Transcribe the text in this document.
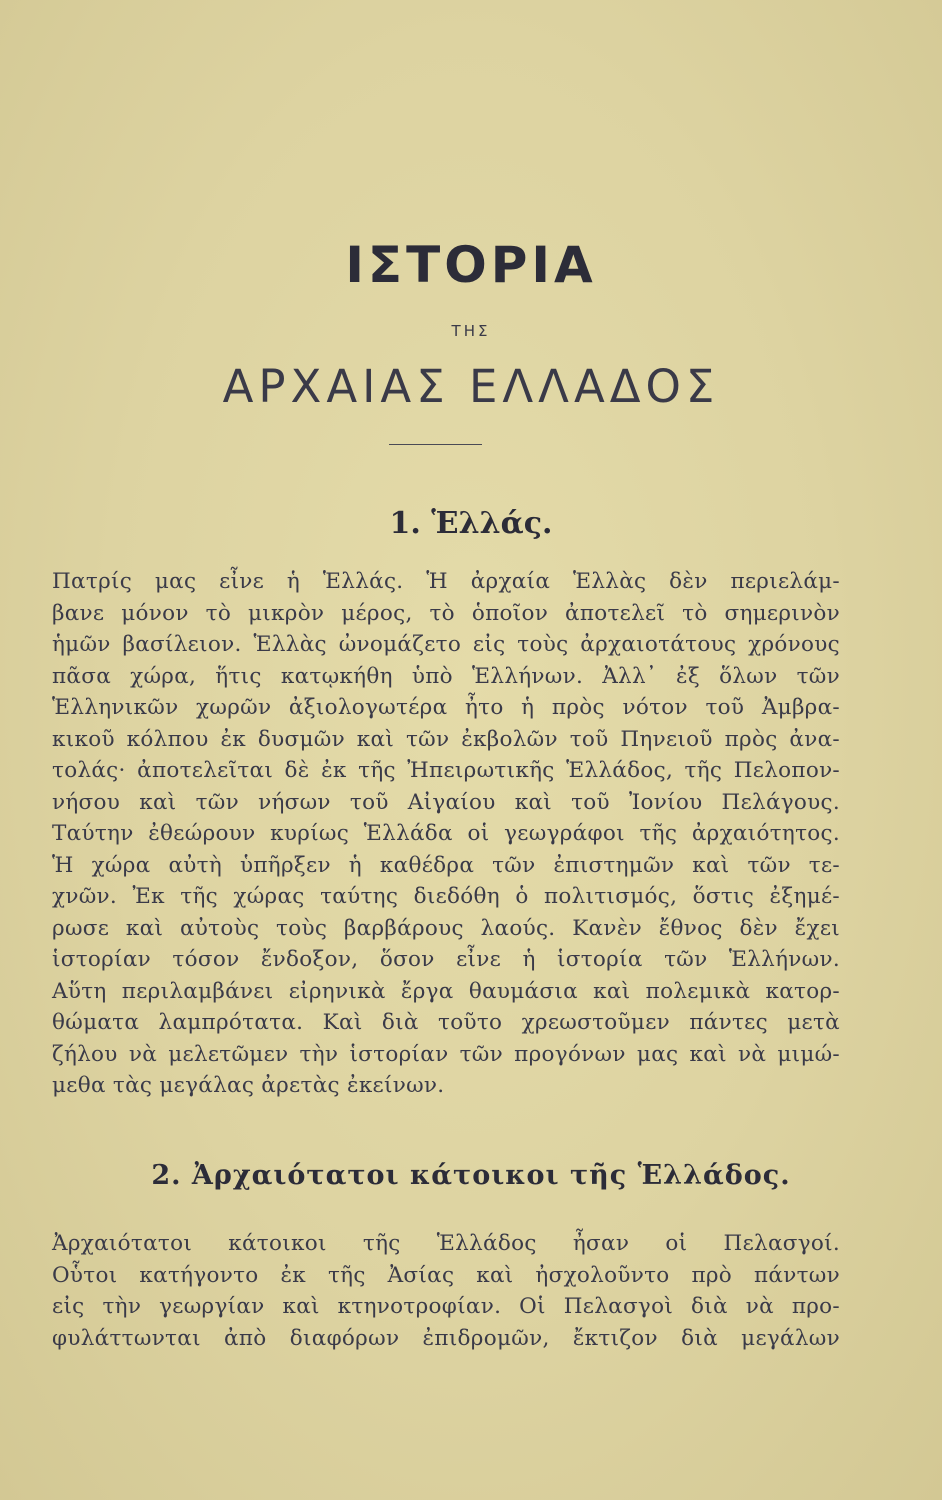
ΙΣΤΟΡΙΑ
ΤΗΣ
ΑΡΧΑΙΑΣ ΕΛΛΑΔΟΣ
1. Ἑλλάς.
Πατρίς μας εἶνε ἡ Ἑλλάς. Ἡ ἀρχαία Ἑλλὰς δὲν περιελάμ-
βανε μόνον τὸ μικρὸν μέρος, τὸ ὁποῖον ἀποτελεῖ τὸ σημερινὸν
ἡμῶν βασίλειον. Ἑλλὰς ὠνομάζετο εἰς τοὺς ἀρχαιοτάτους χρόνους
πᾶσα χώρα, ἥτις κατῳκήθη ὑπὸ Ἑλλήνων. Ἀλλ᾽ ἐξ ὅλων τῶν
Ἑλληνικῶν χωρῶν ἀξιολογωτέρα ἦτο ἡ πρὸς νότον τοῦ Ἀμβρα-
κικοῦ κόλπου ἐκ δυσμῶν καὶ τῶν ἐκβολῶν τοῦ Πηνειοῦ πρὸς ἀνα-
τολάς· ἀποτελεῖται δὲ ἐκ τῆς Ἠπειρωτικῆς Ἑλλάδος, τῆς Πελοπον-
νήσου καὶ τῶν νήσων τοῦ Αἰγαίου καὶ τοῦ Ἰονίου Πελάγους.
Ταύτην ἐθεώρουν κυρίως Ἑλλάδα οἱ γεωγράφοι τῆς ἀρχαιότητος.
Ἡ χώρα αὐτὴ ὑπῆρξεν ἡ καθέδρα τῶν ἐπιστημῶν καὶ τῶν τε-
χνῶν. Ἐκ τῆς χώρας ταύτης διεδόθη ὁ πολιτισμός, ὅστις ἐξημέ-
ρωσε καὶ αὐτοὺς τοὺς βαρβάρους λαούς. Κανὲν ἔθνος δὲν ἔχει
ἱστορίαν τόσον ἔνδοξον, ὅσον εἶνε ἡ ἱστορία τῶν Ἑλλήνων.
Αὕτη περιλαμβάνει εἰρηνικὰ ἔργα θαυμάσια καὶ πολεμικὰ κατορ-
θώματα λαμπρότατα. Καὶ διὰ τοῦτο χρεωστοῦμεν πάντες μετὰ
ζήλου νὰ μελετῶμεν τὴν ἱστορίαν τῶν προγόνων μας καὶ νὰ μιμώ-
μεθα τὰς μεγάλας ἀρετὰς ἐκείνων.
2. Ἀρχαιότατοι κάτοικοι τῆς Ἑλλάδος.
Ἀρχαιότατοι κάτοικοι τῆς Ἑλλάδος ἦσαν οἱ Πελασγοί.
Οὗτοι κατήγοντο ἐκ τῆς Ἀσίας καὶ ἠσχολοῦντο πρὸ πάντων
εἰς τὴν γεωργίαν καὶ κτηνοτροφίαν. Οἱ Πελασγοὶ διὰ νὰ προ-
φυλάττωνται ἀπὸ διαφόρων ἐπιδρομῶν, ἔκτιζον διὰ μεγάλων
